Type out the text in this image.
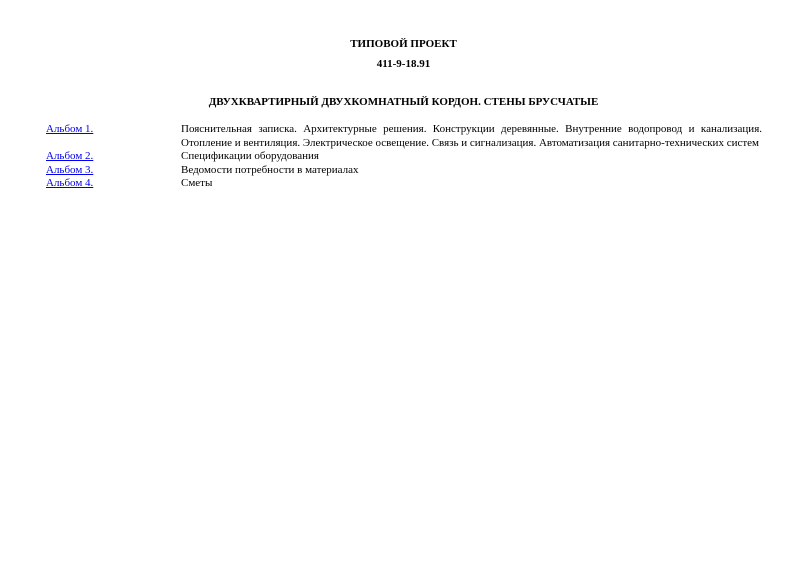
ТИПОВОЙ ПРОЕКТ
411-9-18.91
ДВУХКВАРТИРНЫЙ ДВУХКОМНАТНЫЙ КОРДОН. СТЕНЫ БРУСЧАТЫЕ
Альбом 1.	Пояснительная записка. Архитектурные решения. Конструкции деревянные. Внутренние водопровод и канализация. Отопление и вентиляция. Электрическое освещение. Связь и сигнализация. Автоматизация санитарно-технических систем
Альбом 2.	Спецификации оборудования
Альбом 3.	Ведомости потребности в материалах
Альбом 4.	Сметы
